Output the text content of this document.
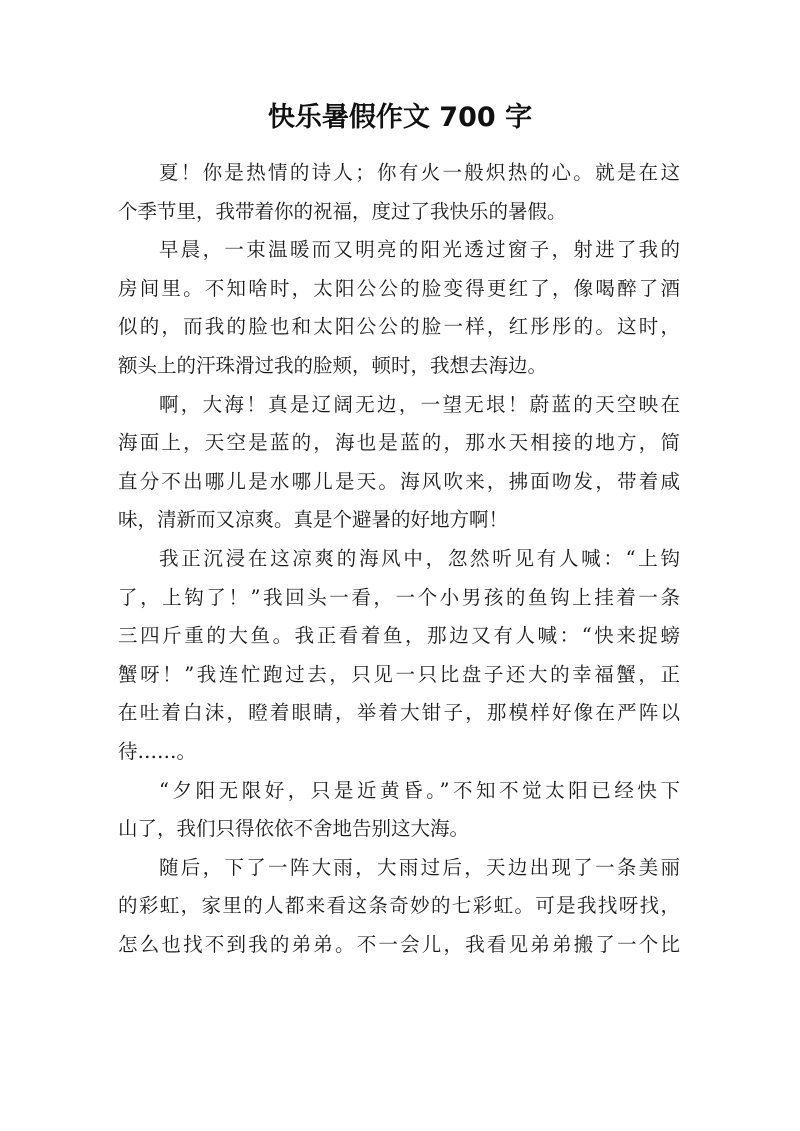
快乐暑假作文 700 字

夏！你是热情的诗人；你有火一般炽热的心。就是在这
个季节里，我带着你的祝福，度过了我快乐的暑假。

早晨，一束温暖而又明亮的阳光透过窗子，射进了我的
房间里。不知啥时，太阳公公的脸变得更红了，像喝醉了酒
似的，而我的脸也和太阳公公的脸一样，红彤彤的。这时，
额头上的汗珠滑过我的脸颊，顿时，我想去海边。

啊，大海！真是辽阔无边，一望无垠！蔚蓝的天空映在
海面上，天空是蓝的，海也是蓝的，那水天相接的地方，简
直分不出哪儿是水哪儿是天。海风吹来，拂面吻发，带着咸
味，清新而又凉爽。真是个避暑的好地方啊！

我正沉浸在这凉爽的海风中，忽然听见有人喊：“上钩
了，上钩了！”我回头一看，一个小男孩的鱼钩上挂着一条
三四斤重的大鱼。我正看着鱼，那边又有人喊：“快来捉螃
蟹呀！”我连忙跑过去，只见一只比盘子还大的幸福蟹，正
在吐着白沫，瞪着眼睛，举着大钳子，那模样好像在严阵以
待……。

“夕阳无限好，只是近黄昏。”不知不觉太阳已经快下
山了，我们只得依依不舍地告别这大海。

随后，下了一阵大雨，大雨过后，天边出现了一条美丽
的彩虹，家里的人都来看这条奇妙的七彩虹。可是我找呀找，
怎么也找不到我的弟弟。不一会儿，我看见弟弟搬了一个比
